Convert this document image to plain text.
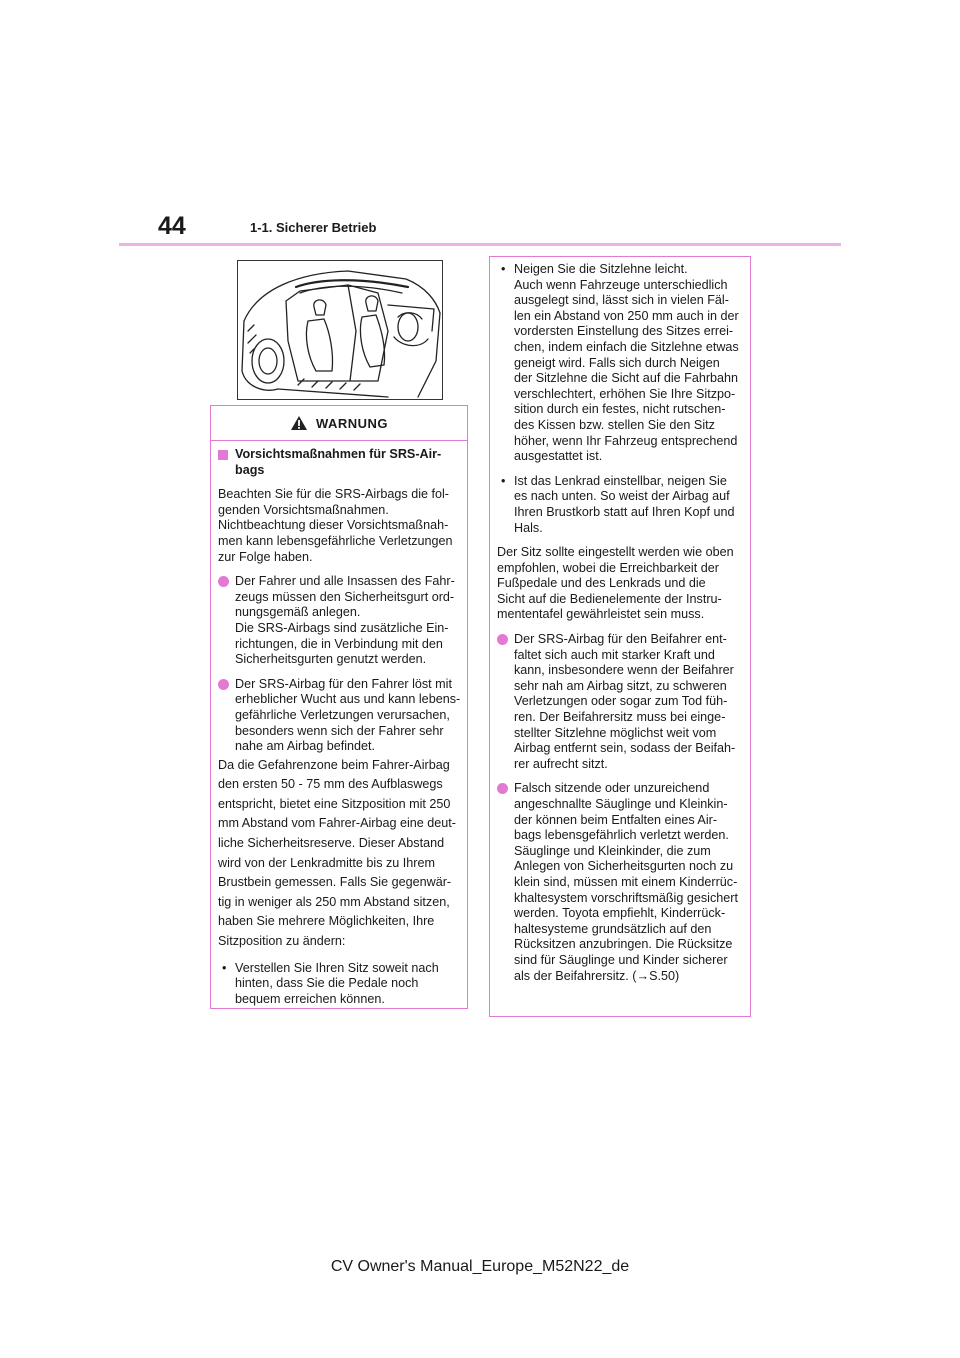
44	1-1. Sicherer Betrieb
WARNUNG
Vorsichtsmaßnahmen für SRS-Air-
bags
Beachten Sie für die SRS-Airbags die fol-
genden Vorsichtsmaßnahmen.
Nichtbeachtung dieser Vorsichtsmaßnah-
men kann lebensgefährliche Verletzungen
zur Folge haben.
Der Fahrer und alle Insassen des Fahr-
zeugs müssen den Sicherheitsgurt ord-
nungsgemäß anlegen.
Die SRS-Airbags sind zusätzliche Ein-
richtungen, die in Verbindung mit den
Sicherheitsgurten genutzt werden.
Der SRS-Airbag für den Fahrer löst mit
erheblicher Wucht aus und kann lebens-
gefährliche Verletzungen verursachen,
besonders wenn sich der Fahrer sehr
nahe am Airbag befindet.
Da die Gefahrenzone beim Fahrer-Airbag
den ersten 50 - 75 mm des Aufblaswegs
entspricht, bietet eine Sitzposition mit 250
mm Abstand vom Fahrer-Airbag eine deut-
liche Sicherheitsreserve. Dieser Abstand
wird von der Lenkradmitte bis zu Ihrem
Brustbein gemessen. Falls Sie gegenwär-
tig in weniger als 250 mm Abstand sitzen,
haben Sie mehrere Möglichkeiten, Ihre
Sitzposition zu ändern:
• Verstellen Sie Ihren Sitz soweit nach
hinten, dass Sie die Pedale noch
bequem erreichen können.
• Neigen Sie die Sitzlehne leicht.
Auch wenn Fahrzeuge unterschiedlich
ausgelegt sind, lässt sich in vielen Fäl-
len ein Abstand von 250 mm auch in der
vordersten Einstellung des Sitzes errei-
chen, indem einfach die Sitzlehne etwas
geneigt wird. Falls sich durch Neigen
der Sitzlehne die Sicht auf die Fahrbahn
verschlechtert, erhöhen Sie Ihre Sitzpo-
sition durch ein festes, nicht rutschen-
des Kissen bzw. stellen Sie den Sitz
höher, wenn Ihr Fahrzeug entsprechend
ausgestattet ist.
• Ist das Lenkrad einstellbar, neigen Sie
es nach unten. So weist der Airbag auf
Ihren Brustkorb statt auf Ihren Kopf und
Hals.
Der Sitz sollte eingestellt werden wie oben
empfohlen, wobei die Erreichbarkeit der
Fußpedale und des Lenkrads und die
Sicht auf die Bedienelemente der Instru-
mententafel gewährleistet sein muss.
Der SRS-Airbag für den Beifahrer ent-
faltet sich auch mit starker Kraft und
kann, insbesondere wenn der Beifahrer
sehr nah am Airbag sitzt, zu schweren
Verletzungen oder sogar zum Tod füh-
ren. Der Beifahrersitz muss bei einge-
stellter Sitzlehne möglichst weit vom
Airbag entfernt sein, sodass der Beifah-
rer aufrecht sitzt.
Falsch sitzende oder unzureichend
angeschnallte Säuglinge und Kleinkin-
der können beim Entfalten eines Air-
bags lebensgefährlich verletzt werden.
Säuglinge und Kleinkinder, die zum
Anlegen von Sicherheitsgurten noch zu
klein sind, müssen mit einem Kinderrüc-
khaltesystem vorschriftsmäßig gesichert
werden. Toyota empfiehlt, Kinderrück-
haltesysteme grundsätzlich auf den
Rücksitzen anzubringen. Die Rücksitze
sind für Säuglinge und Kinder sicherer
als der Beifahrersitz. (→S.50)
CV Owner's Manual_Europe_M52N22_de
